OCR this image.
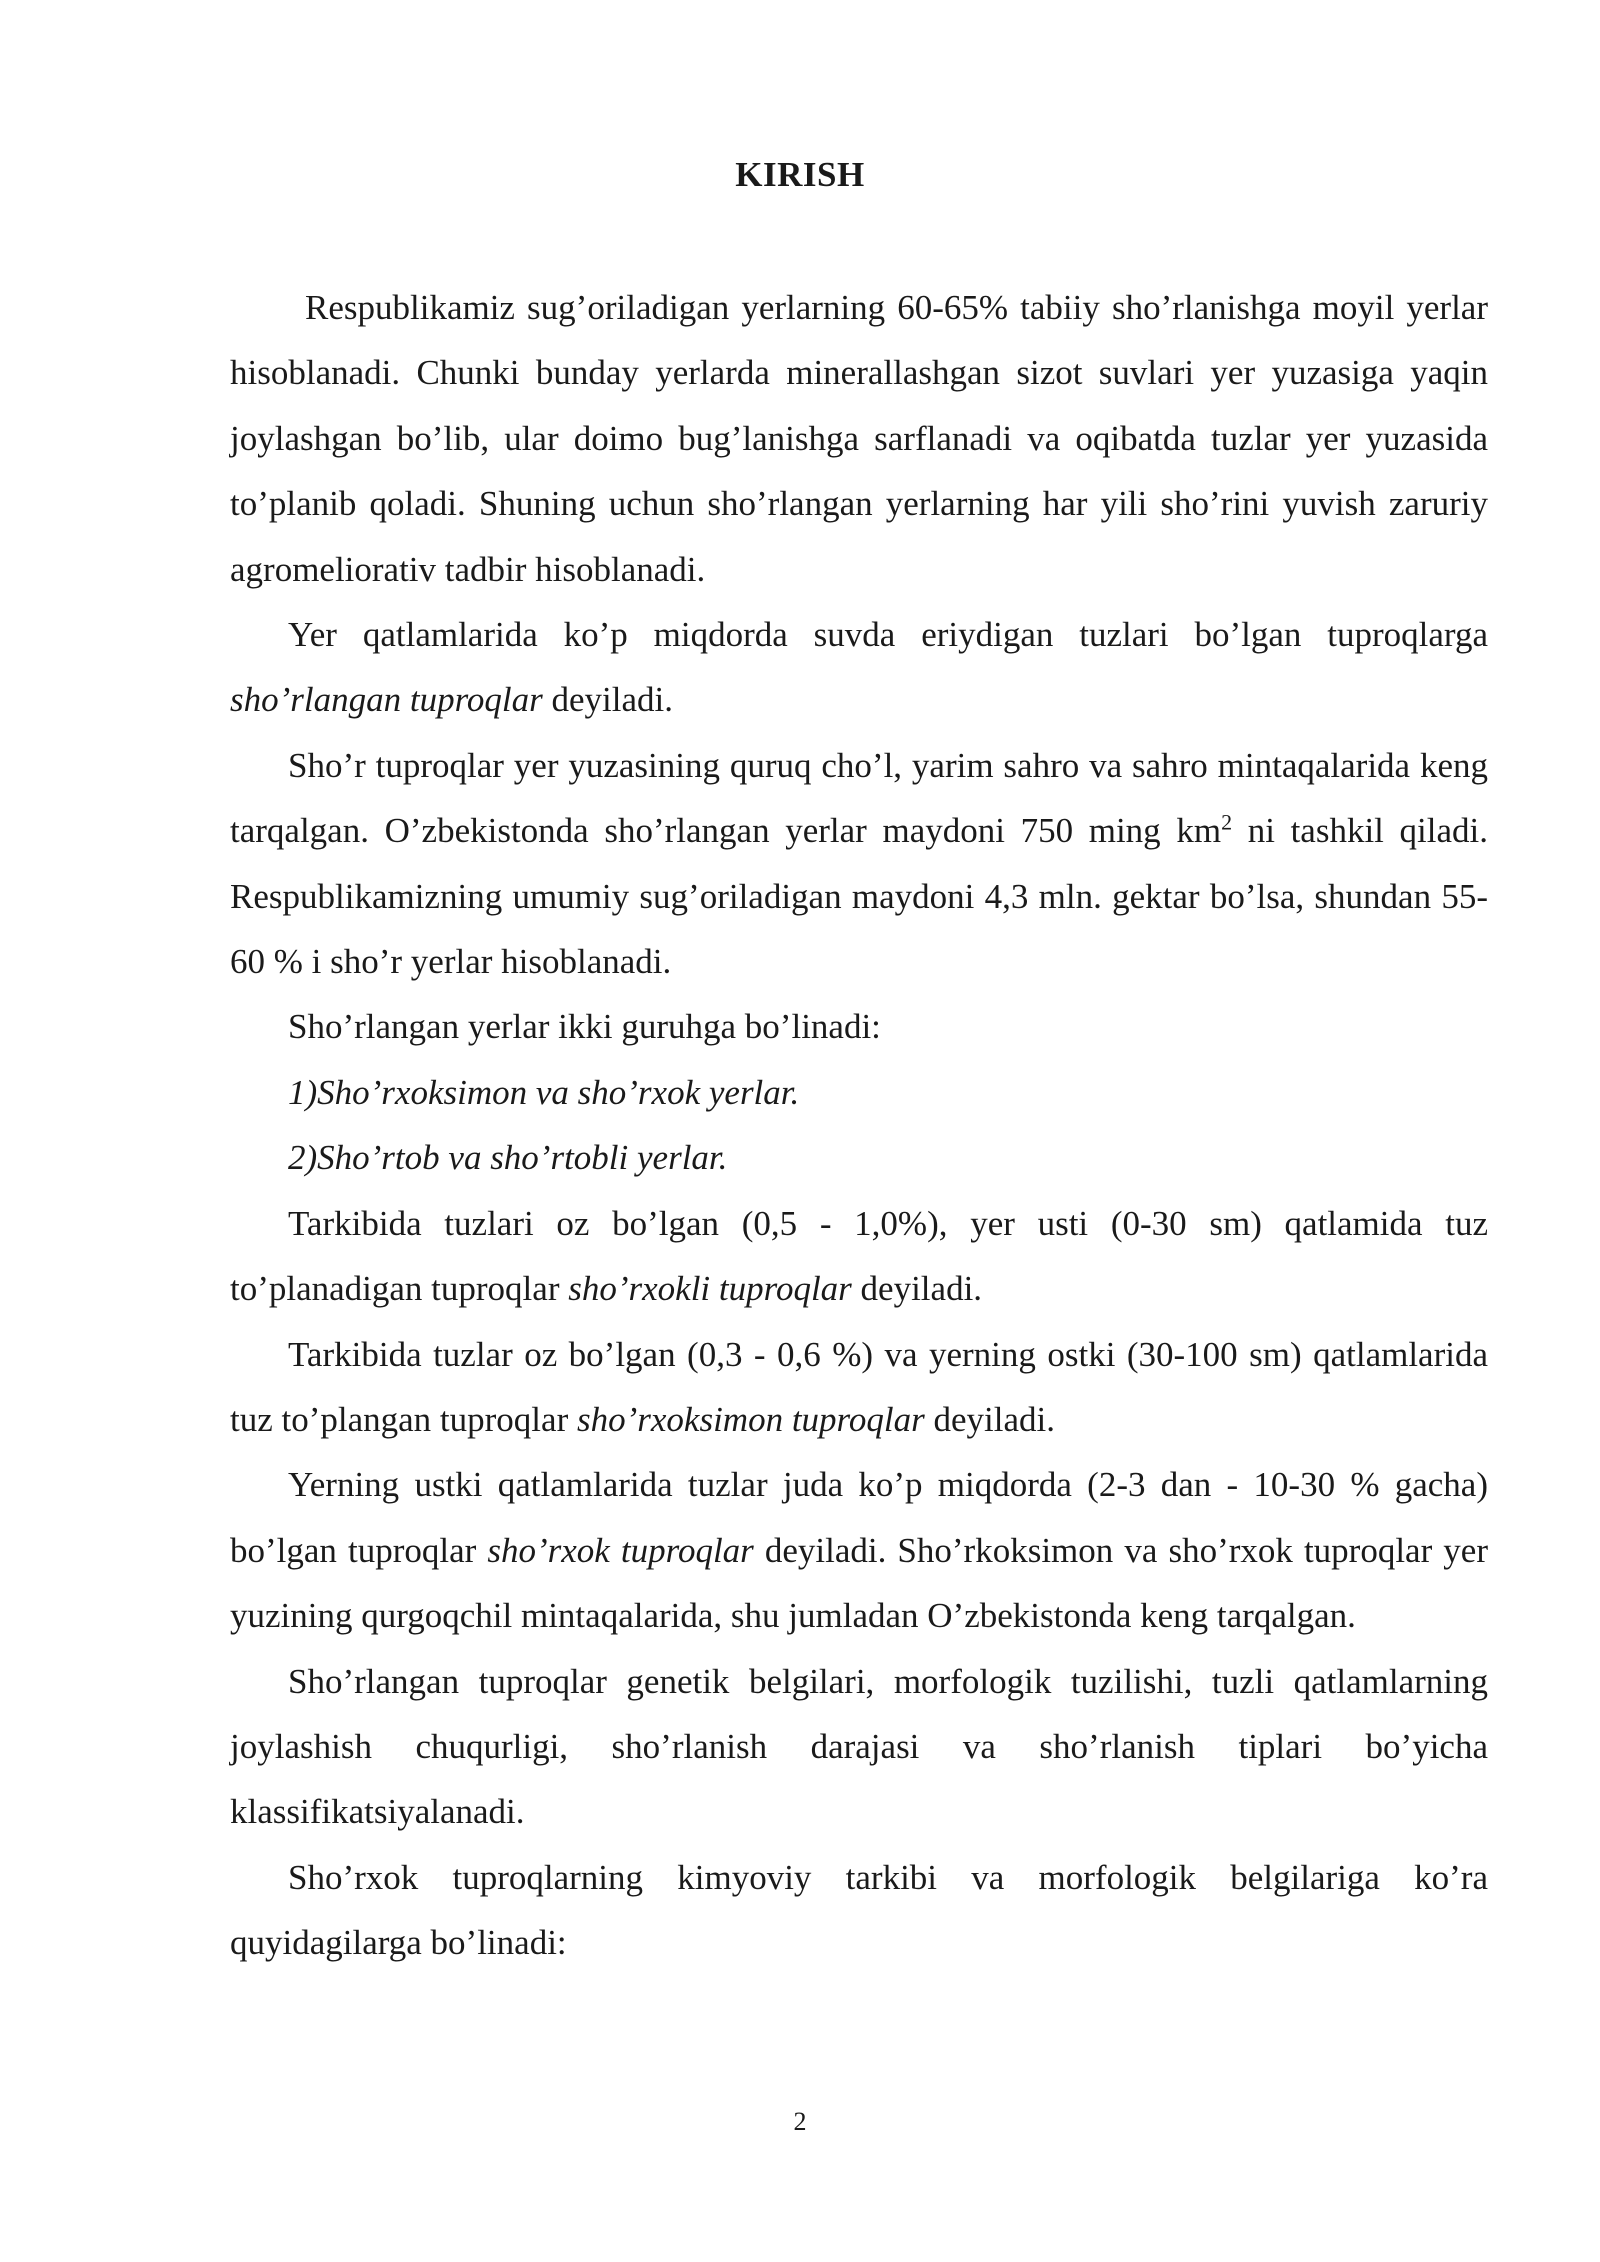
KIRISH

Respublikamiz sug’oriladigan yerlarning 60-65% tabiiy sho’rlanishga moyil yerlar hisoblanadi. Chunki bunday yerlarda minerallashgan sizot suvlari yer yuzasiga yaqin joylashgan bo’lib, ular doimo bug’lanishga sarflanadi va oqibatda tuzlar yer yuzasida to’planib qoladi. Shuning uchun sho’rlangan yerlarning har yili sho’rini yuvish zaruriy agromeliorativ tadbir hisoblanadi.

Yer qatlamlarida ko’p miqdorda suvda eriydigan tuzlari bo’lgan tuproqlarga sho’rlangan tuproqlar deyiladi.

Sho’r tuproqlar yer yuzasining quruq cho’l, yarim sahro va sahro mintaqalarida keng tarqalgan. O’zbekistonda sho’rlangan yerlar maydoni 750 ming $km^2$ ni tashkil qiladi. Respublikamizning umumiy sug’oriladigan maydoni 4,3 mln. gektar bo’lsa, shundan 55-60 % i sho’r yerlar hisoblanadi.

Sho’rlangan yerlar ikki guruhga bo’linadi:

1)Sho’rxoksimon va sho’rxok yerlar.

2)Sho’rtob va sho’rtobli yerlar.

Tarkibida tuzlari oz bo’lgan (0,5 - 1,0%), yer usti (0-30 sm) qatlamida tuz to’planadigan tuproqlar sho’rxokli tuproqlar deyiladi.

Tarkibida tuzlar oz bo’lgan (0,3 - 0,6 %) va yerning ostki (30-100 sm) qatlamlarida tuz to’plangan tuproqlar sho’rxoksimon tuproqlar deyiladi.

Yerning ustki qatlamlarida tuzlar juda ko’p miqdorda (2-3 dan - 10-30 % gacha) bo’lgan tuproqlar sho’rxok tuproqlar deyiladi. Sho’rkoksimon va sho’rxok tuproqlar yer yuzining qurgoqchil mintaqalarida, shu jumladan O’zbekistonda keng tarqalgan.

Sho’rlangan tuproqlar genetik belgilari, morfologik tuzilishi, tuzli qatlamlarning joylashish chuqurligi, sho’rlanish darajasi va sho’rlanish tiplari bo’yicha klassifikatsiyalanadi.

Sho’rxok tuproqlarning kimyoviy tarkibi va morfologik belgilariga ko’ra quyidagilarga bo’linadi:

2
